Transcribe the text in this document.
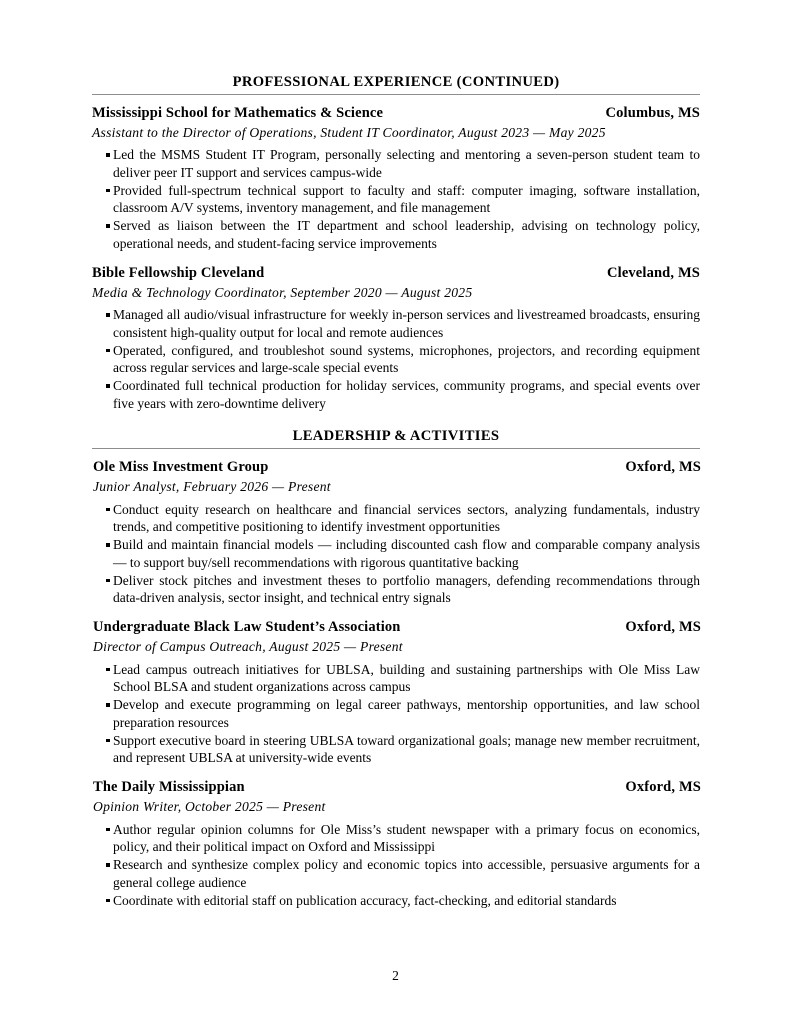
PROFESSIONAL EXPERIENCE (CONTINUED)
Mississippi School for Mathematics & Science	Columbus, MS
Assistant to the Director of Operations, Student IT Coordinator, August 2023 — May 2025
Led the MSMS Student IT Program, personally selecting and mentoring a seven-person student team to deliver peer IT support and services campus-wide
Provided full-spectrum technical support to faculty and staff: computer imaging, software installation, classroom A/V systems, inventory management, and file management
Served as liaison between the IT department and school leadership, advising on technology policy, operational needs, and student-facing service improvements
Bible Fellowship Cleveland	Cleveland, MS
Media & Technology Coordinator, September 2020 — August 2025
Managed all audio/visual infrastructure for weekly in-person services and livestreamed broadcasts, ensuring consistent high-quality output for local and remote audiences
Operated, configured, and troubleshot sound systems, microphones, projectors, and recording equipment across regular services and large-scale special events
Coordinated full technical production for holiday services, community programs, and special events over five years with zero-downtime delivery
LEADERSHIP & ACTIVITIES
Ole Miss Investment Group	Oxford, MS
Junior Analyst, February 2026 — Present
Conduct equity research on healthcare and financial services sectors, analyzing fundamentals, industry trends, and competitive positioning to identify investment opportunities
Build and maintain financial models — including discounted cash flow and comparable company analysis — to support buy/sell recommendations with rigorous quantitative backing
Deliver stock pitches and investment theses to portfolio managers, defending recommendations through data-driven analysis, sector insight, and technical entry signals
Undergraduate Black Law Student’s Association	Oxford, MS
Director of Campus Outreach, August 2025 — Present
Lead campus outreach initiatives for UBLSA, building and sustaining partnerships with Ole Miss Law School BLSA and student organizations across campus
Develop and execute programming on legal career pathways, mentorship opportunities, and law school preparation resources
Support executive board in steering UBLSA toward organizational goals; manage new member recruitment, and represent UBLSA at university-wide events
The Daily Mississippian	Oxford, MS
Opinion Writer, October 2025 — Present
Author regular opinion columns for Ole Miss’s student newspaper with a primary focus on economics, policy, and their political impact on Oxford and Mississippi
Research and synthesize complex policy and economic topics into accessible, persuasive arguments for a general college audience
Coordinate with editorial staff on publication accuracy, fact-checking, and editorial standards
2
